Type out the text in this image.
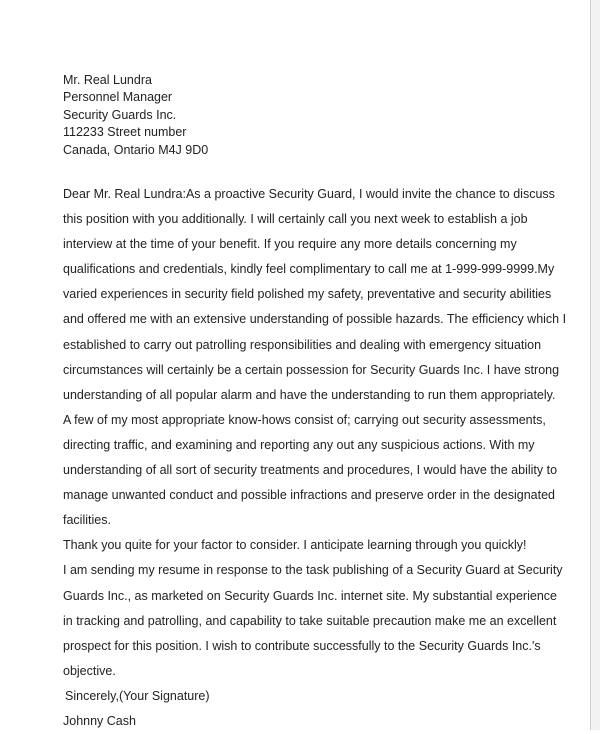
Mr. Real Lundra
Personnel Manager
Security Guards Inc.
112233 Street number
Canada, Ontario M4J 9D0

Dear Mr. Real Lundra:As a proactive Security Guard, I would invite the chance to discuss this position with you additionally. I will certainly call you next week to establish a job interview at the time of your benefit. If you require any more details concerning my qualifications and credentials, kindly feel complimentary to call me at 1-999-999-9999.My varied experiences in security field polished my safety, preventative and security abilities and offered me with an extensive understanding of possible hazards. The efficiency which I established to carry out patrolling responsibilities and dealing with emergency situation circumstances will certainly be a certain possession for Security Guards Inc. I have strong understanding of all popular alarm and have the understanding to run them appropriately.

A few of my most appropriate know-hows consist of; carrying out security assessments, directing traffic, and examining and reporting any out any suspicious actions. With my understanding of all sort of security treatments and procedures, I would have the ability to manage unwanted conduct and possible infractions and preserve order in the designated facilities.

Thank you quite for your factor to consider. I anticipate learning through you quickly!

I am sending my resume in response to the task publishing of a Security Guard at Security Guards Inc., as marketed on Security Guards Inc. internet site. My substantial experience in tracking and patrolling, and capability to take suitable precaution make me an excellent prospect for this position. I wish to contribute successfully to the Security Guards Inc.'s objective.

Sincerely,(Your Signature)

Johnny Cash
